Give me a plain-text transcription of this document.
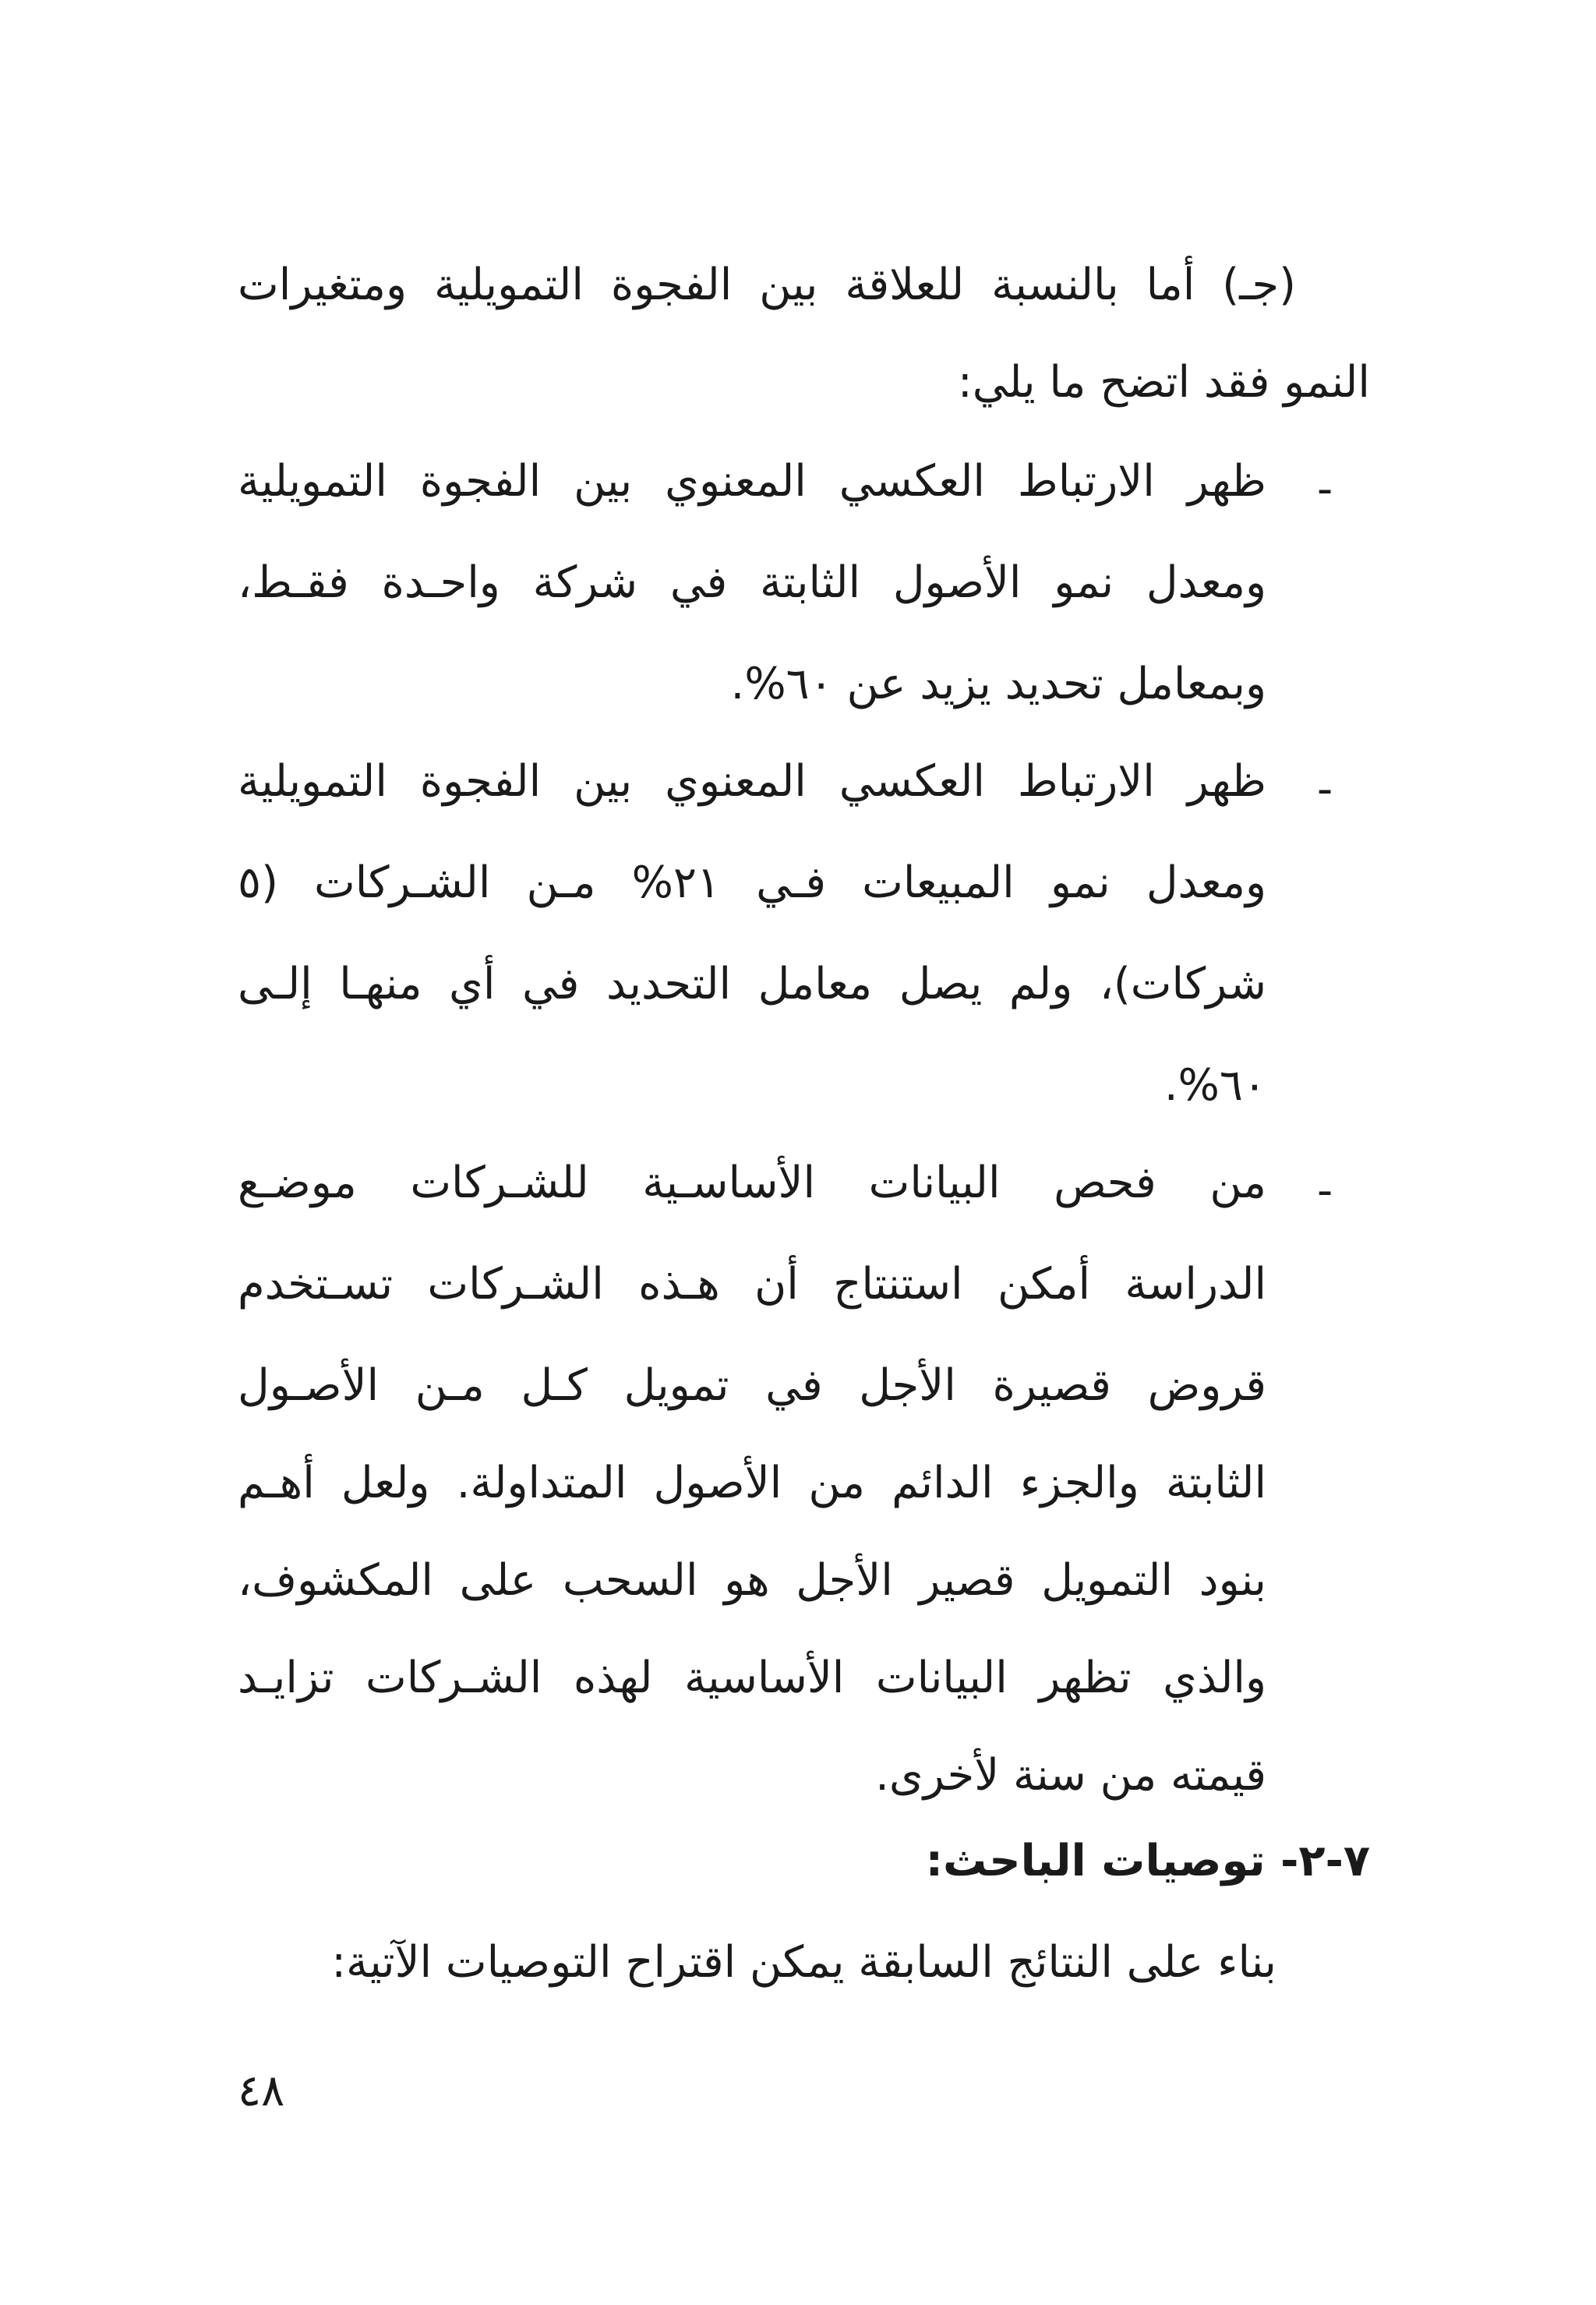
(جـ) أما بالنسبة للعلاقة بين الفجوة التمويلية ومتغيرات
النمو فقد اتضح ما يلي:
-
ظهر الارتباط العكسي المعنوي بين الفجوة التمويلية
ومعدل نمو الأصول الثابتة في شركة واحـدة فقـط،
وبمعامل تحديد يزيد عن ٦٠%.
-
ظهر الارتباط العكسي المعنوي بين الفجوة التمويلية
ومعدل نمو المبيعات فـي ٢١% مـن الشـركات (٥
شركات)، ولم يصل معامل التحديد في أي منهـا إلـى
٦٠%.
-
من فحص البيانات الأساسـية للشـركات موضـع
الدراسة أمكن استنتاج أن هـذه الشـركات تسـتخدم
قروض قصيرة الأجل في تمويل كـل مـن الأصـول
الثابتة والجزء الدائم من الأصول المتداولة. ولعل أهـم
بنود التمويل قصير الأجل هو السحب على المكشوف،
والذي تظهر البيانات الأساسية لهذه الشـركات تزايـد
قيمته من سنة لأخرى.
٧-٢- توصيات الباحث:
بناء على النتائج السابقة يمكن اقتراح التوصيات الآتية:
٤٨
